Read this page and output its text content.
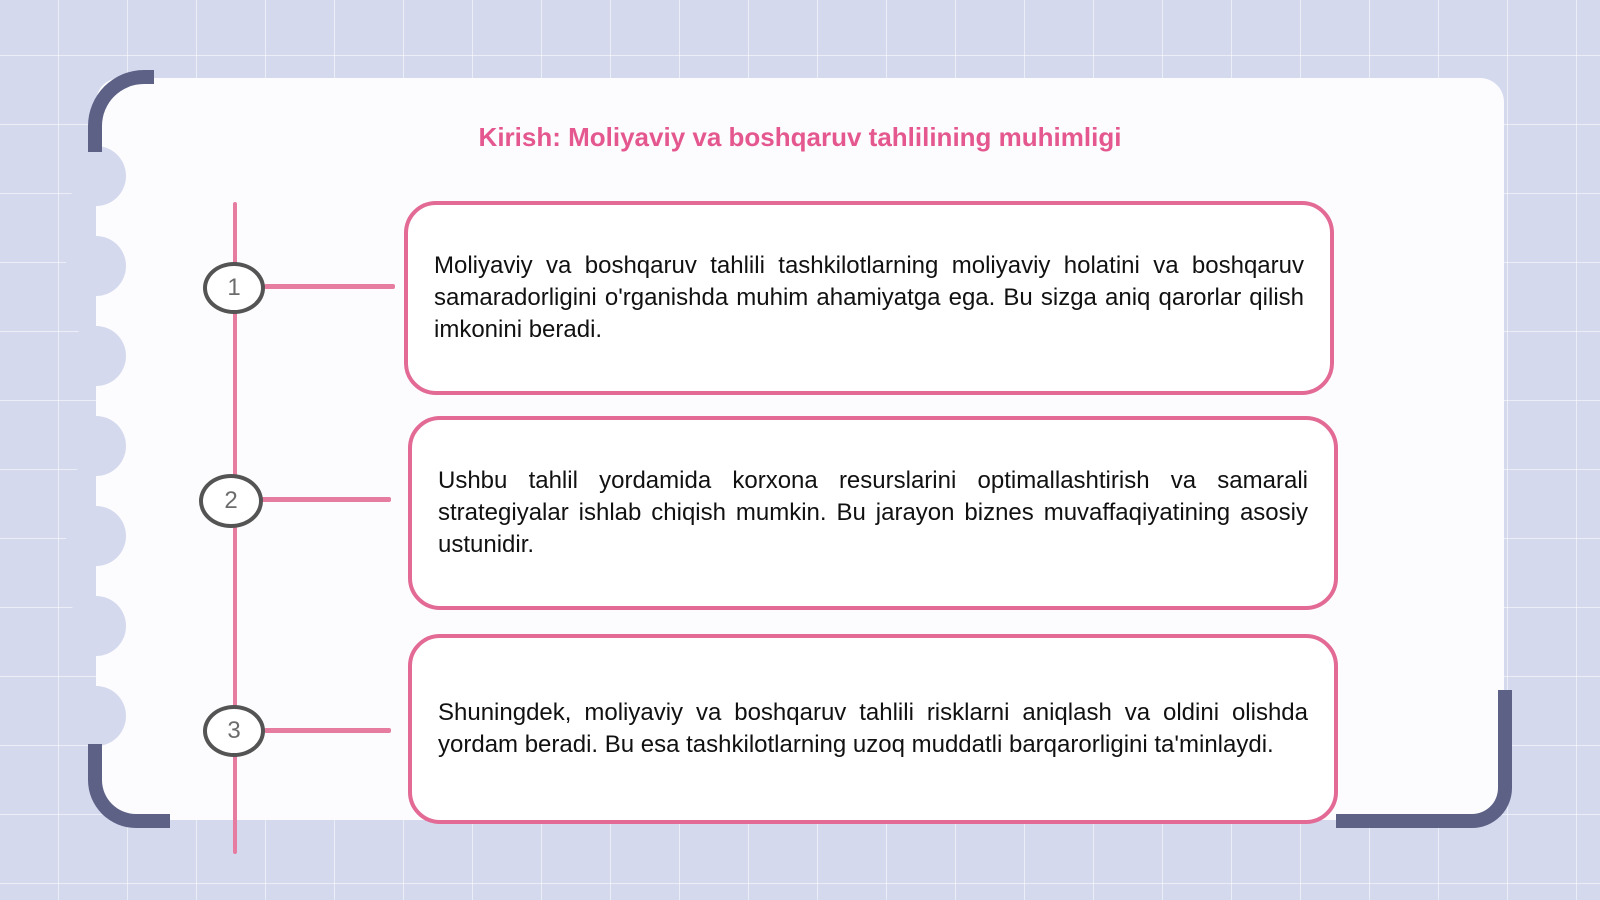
Kirish: Moliyaviy va boshqaruv tahlilining muhimligi
1
2
3
Moliyaviy va boshqaruv tahlili tashkilotlarning moliyaviy holatini va boshqaruv samaradorligini o'rganishda muhim ahamiyatga ega. Bu sizga aniq qarorlar qilish imkonini beradi.
Ushbu tahlil yordamida korxona resurslarini optimallashtirish va samarali strategiyalar ishlab chiqish mumkin. Bu jarayon biznes muvaffaqiyatining asosiy ustunidir.
Shuningdek, moliyaviy va boshqaruv tahlili risklarni aniqlash va oldini olishda yordam beradi. Bu esa tashkilotlarning uzoq muddatli barqarorligini ta'minlaydi.
